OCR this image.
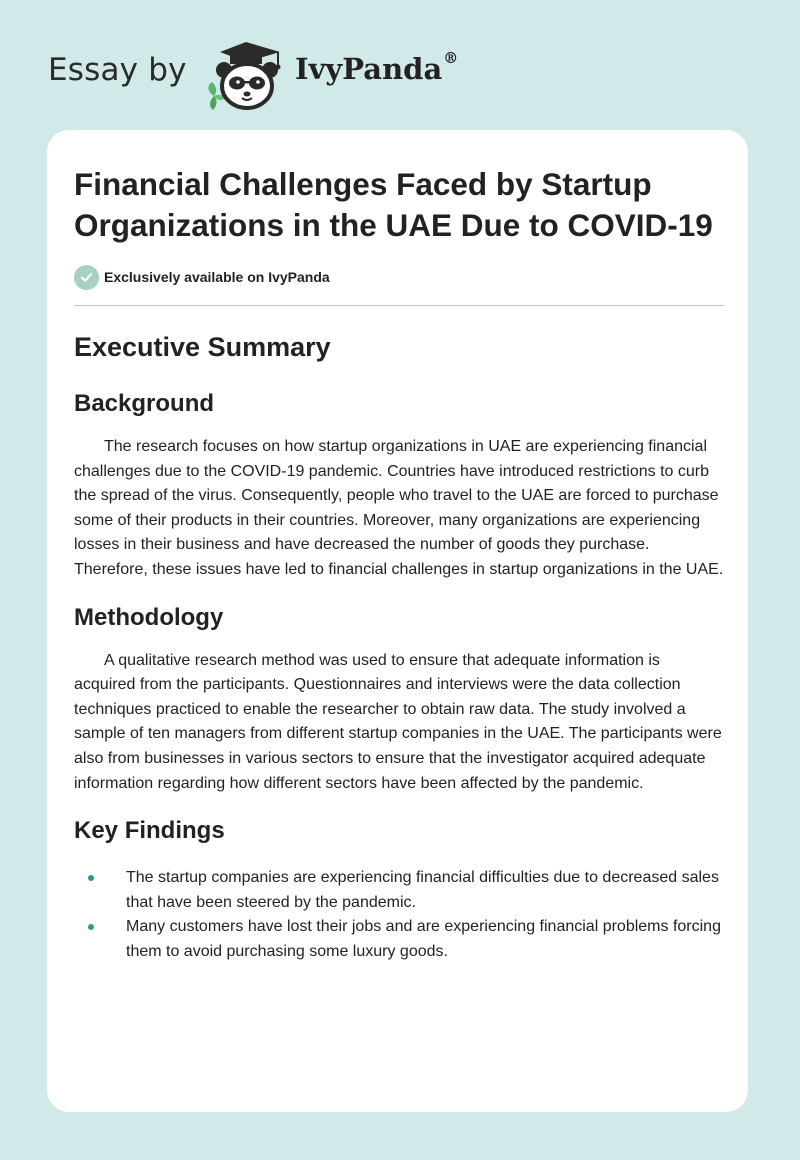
Essay by	IvyPanda®
Financial Challenges Faced by Startup Organizations in the UAE Due to COVID-19
Exclusively available on IvyPanda
Executive Summary
Background

The research focuses on how startup organizations in UAE are experiencing financial challenges due to the COVID-19 pandemic. Countries have introduced restrictions to curb the spread of the virus. Consequently, people who travel to the UAE are forced to purchase some of their products in their countries. Moreover, many organizations are experiencing losses in their business and have decreased the number of goods they purchase. Therefore, these issues have led to financial challenges in startup organizations in the UAE.

Methodology

A qualitative research method was used to ensure that adequate information is acquired from the participants. Questionnaires and interviews were the data collection techniques practiced to enable the researcher to obtain raw data. The study involved a sample of ten managers from different startup companies in the UAE. The participants were also from businesses in various sectors to ensure that the investigator acquired adequate information regarding how different sectors have been affected by the pandemic.

Key Findings
The startup companies are experiencing financial difficulties due to decreased sales that have been steered by the pandemic.
Many customers have lost their jobs and are experiencing financial problems forcing them to avoid purchasing some luxury goods.
